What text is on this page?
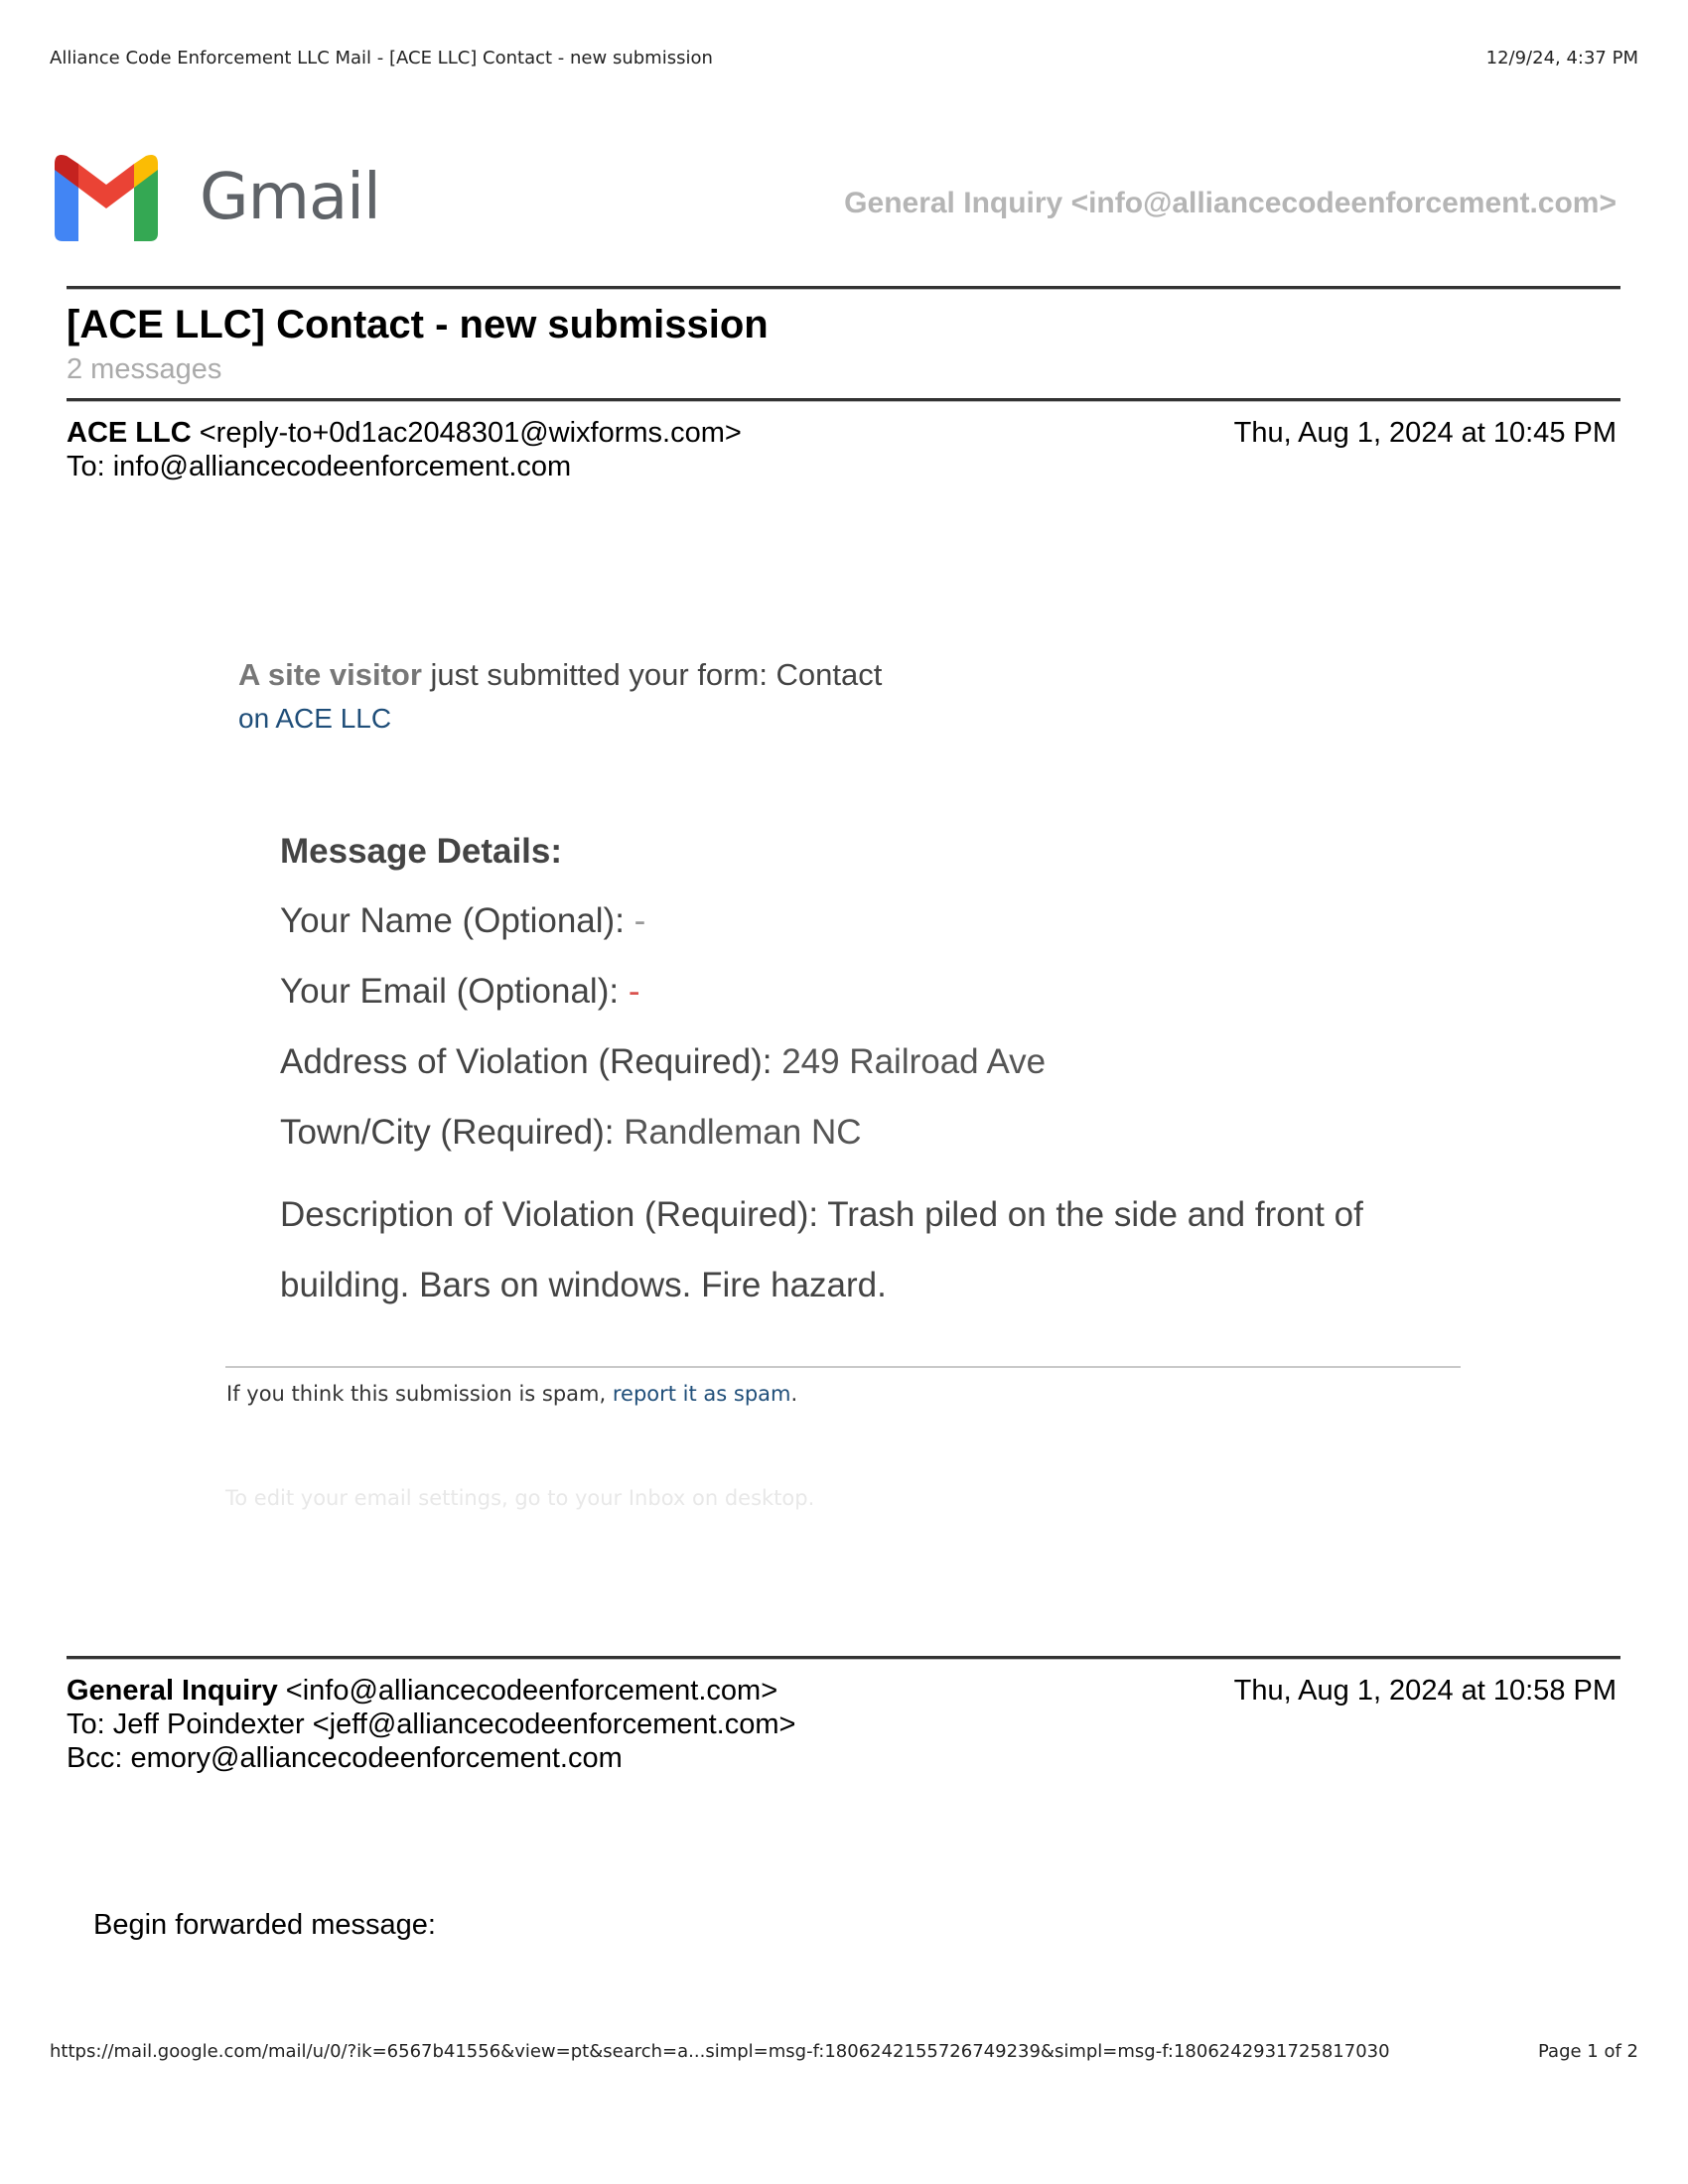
Alliance Code Enforcement LLC Mail - [ACE LLC] Contact - new submission	12/9/24, 4:37 PM
Gmail	General Inquiry <info@alliancecodeenforcement.com>
[ACE LLC] Contact - new submission
2 messages
ACE LLC <reply-to+0d1ac2048301@wixforms.com>	Thu, Aug 1, 2024 at 10:45 PM
To: info@alliancecodeenforcement.com
A site visitor just submitted your form: Contact
on ACE LLC
Message Details:
Your Name (Optional): -
Your Email (Optional): -
Address of Violation (Required): 249 Railroad Ave
Town/City (Required): Randleman NC
Description of Violation (Required): Trash piled on the side and front of building. Bars on windows. Fire hazard.
If you think this submission is spam, report it as spam.
To edit your email settings, go to your Inbox on desktop.
General Inquiry <info@alliancecodeenforcement.com>	Thu, Aug 1, 2024 at 10:58 PM
To: Jeff Poindexter <jeff@alliancecodeenforcement.com>
Bcc: emory@alliancecodeenforcement.com
Begin forwarded message:
https://mail.google.com/mail/u/0/?ik=6567b41556&view=pt&search=a...simpl=msg-f:1806242155726749239&simpl=msg-f:1806242931725817030	Page 1 of 2
